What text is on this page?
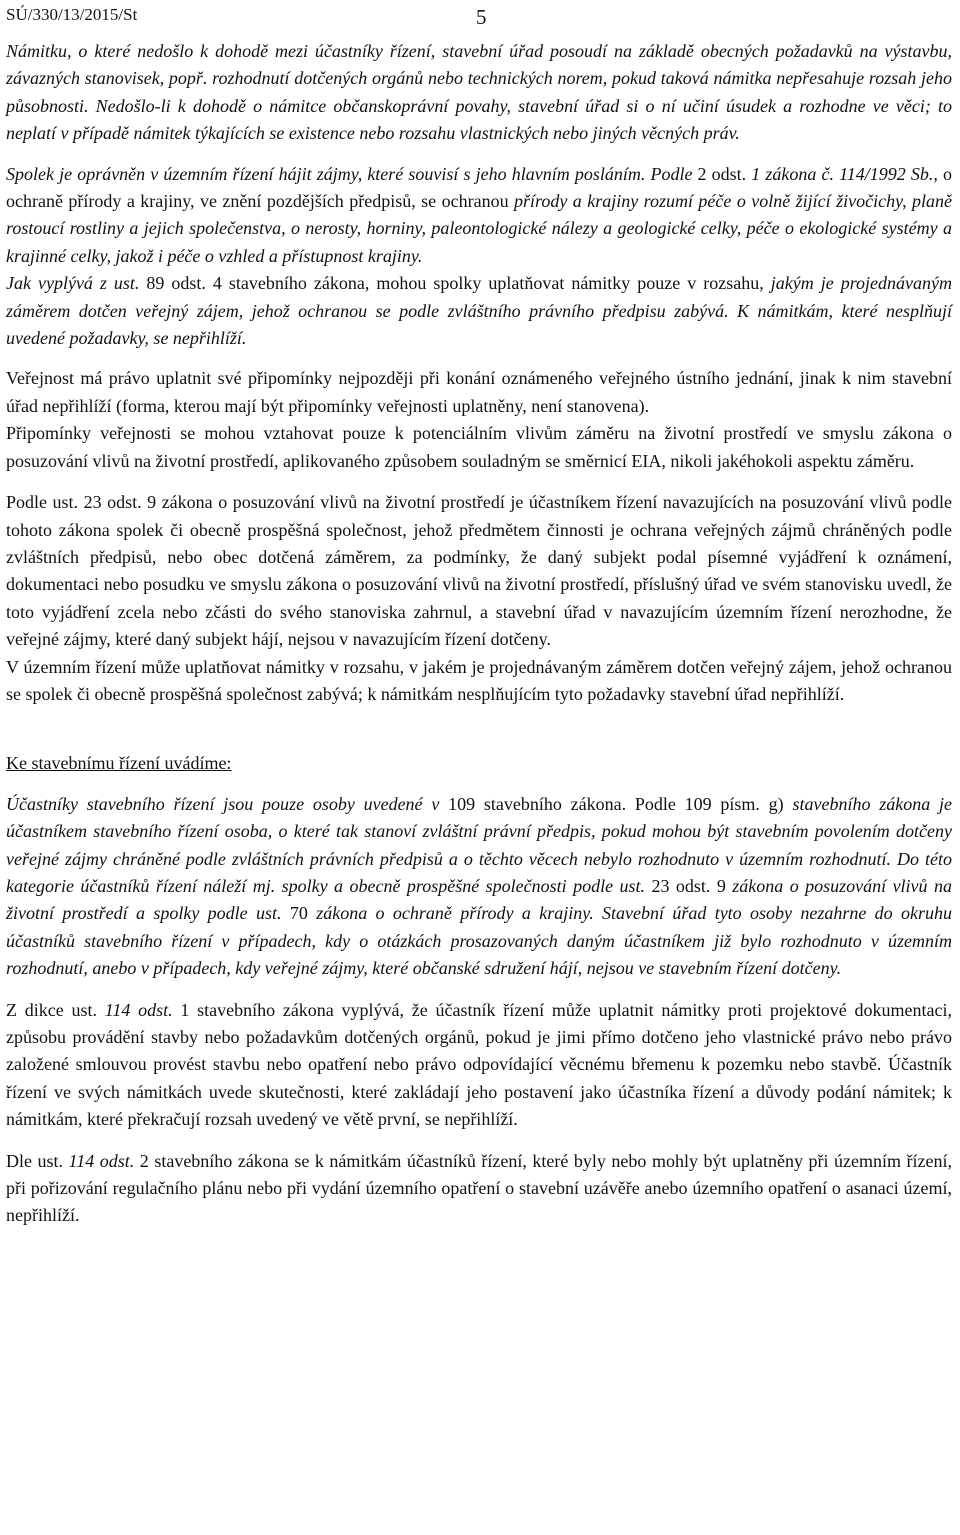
SÚ/330/13/2015/St	5

Námitku, o které nedošlo k dohodě mezi účastníky řízení, stavební úřad posoudí na základě obecných požadavků na výstavbu, závazných stanovisek, popř. rozhodnutí dotčených orgánů nebo technických norem, pokud taková námitka nepřesahuje rozsah jeho působnosti. Nedošlo-li k dohodě o námitce občanskoprávní povahy, stavební úřad si o ní učiní úsudek a rozhodne ve věci; to neplatí v případě námitek týkajících se existence nebo rozsahu vlastnických nebo jiných věcných práv.

Spolek je oprávněn v územním řízení hájit zájmy, které souvisí s jeho hlavním posláním. Podle 2 odst. 1 zákona č. 114/1992 Sb., o ochraně přírody a krajiny, ve znění pozdějších předpisů, se ochranou přírody a krajiny rozumí péče o volně žijící živočichy, planě rostoucí rostliny a jejich společenstva, o nerosty, horniny, paleontologické nálezy a geologické celky, péče o ekologické systémy a krajinné celky, jakož i péče o vzhled a přístupnost krajiny.

Jak vyplývá z ust. 89 odst. 4 stavebního zákona, mohou spolky uplatňovat námitky pouze v rozsahu, jakým je projednávaným záměrem dotčen veřejný zájem, jehož ochranou se podle zvláštního právního předpisu zabývá. K námitkám, které nesplňují uvedené požadavky, se nepřihlíží.

Veřejnost má právo uplatnit své připomínky nejpozději při konání oznámeného veřejného ústního jednání, jinak k nim stavební úřad nepřihlíží (forma, kterou mají být připomínky veřejnosti uplatněny, není stanovena).

Připomínky veřejnosti se mohou vztahovat pouze k potenciálním vlivům záměru na životní prostředí ve smyslu zákona o posuzování vlivů na životní prostředí, aplikovaného způsobem souladným se směrnicí EIA, nikoli jakéhokoli aspektu záměru.

Podle ust. 23 odst. 9 zákona o posuzování vlivů na životní prostředí je účastníkem řízení navazujících na posuzování vlivů podle tohoto zákona spolek či obecně prospěšná společnost, jehož předmětem činnosti je ochrana veřejných zájmů chráněných podle zvláštních předpisů, nebo obec dotčená záměrem, za podmínky, že daný subjekt podal písemné vyjádření k oznámení, dokumentaci nebo posudku ve smyslu zákona o posuzování vlivů na životní prostředí, příslušný úřad ve svém stanovisku uvedl, že toto vyjádření zcela nebo zčásti do svého stanoviska zahrnul, a stavební úřad v navazujícím územním řízení nerozhodne, že veřejné zájmy, které daný subjekt hájí, nejsou v navazujícím řízení dotčeny.

V územním řízení může uplatňovat námitky v rozsahu, v jakém je projednávaným záměrem dotčen veřejný zájem, jehož ochranou se spolek či obecně prospěšná společnost zabývá; k námitkám nesplňujícím tyto požadavky stavební úřad nepřihlíží.

Ke stavebnímu řízení uvádíme:

Účastníky stavebního řízení jsou pouze osoby uvedené v 109 stavebního zákona. Podle 109 písm. g) stavebního zákona je účastníkem stavebního řízení osoba, o které tak stanoví zvláštní právní předpis, pokud mohou být stavebním povolením dotčeny veřejné zájmy chráněné podle zvláštních právních předpisů a o těchto věcech nebylo rozhodnuto v územním rozhodnutí. Do této kategorie účastníků řízení náleží mj. spolky a obecně prospěšné společnosti podle ust. 23 odst. 9 zákona o posuzování vlivů na životní prostředí a spolky podle ust. 70 zákona o ochraně přírody a krajiny. Stavební úřad tyto osoby nezahrne do okruhu účastníků stavebního řízení v případech, kdy o otázkách prosazovaných daným účastníkem již bylo rozhodnuto v územním rozhodnutí, anebo v případech, kdy veřejné zájmy, které občanské sdružení hájí, nejsou ve stavebním řízení dotčeny.

Z dikce ust. 114 odst. 1 stavebního zákona vyplývá, že účastník řízení může uplatnit námitky proti projektové dokumentaci, způsobu provádění stavby nebo požadavkům dotčených orgánů, pokud je jimi přímo dotčeno jeho vlastnické právo nebo právo založené smlouvou provést stavbu nebo opatření nebo právo odpovídající věcnému břemenu k pozemku nebo stavbě. Účastník řízení ve svých námitkách uvede skutečnosti, které zakládají jeho postavení jako účastníka řízení a důvody podání námitek; k námitkám, které překračují rozsah uvedený ve větě první, se nepřihlíží.

Dle ust. 114 odst. 2 stavebního zákona se k námitkám účastníků řízení, které byly nebo mohly být uplatněny při územním řízení, při pořizování regulačního plánu nebo při vydání územního opatření o stavební uzávěře anebo územního opatření o asanaci území, nepřihlíží.
